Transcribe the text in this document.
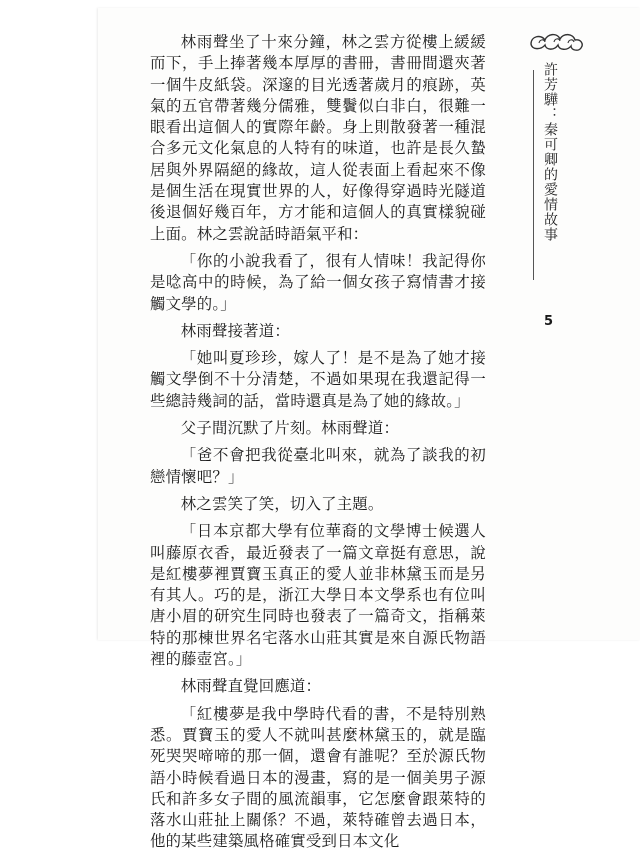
許芳驊：秦可卿的愛情故事
5

林雨聲坐了十來分鐘，林之雲方從樓上緩緩而下，手上捧著幾本厚厚的書冊，書冊間還夾著一個牛皮紙袋。深邃的目光透著歲月的痕跡，英氣的五官帶著幾分儒雅，雙鬢似白非白，很難一眼看出這個人的實際年齡。身上則散發著一種混合多元文化氣息的人特有的味道，也許是長久蟄居與外界隔絕的緣故，這人從表面上看起來不像是個生活在現實世界的人，好像得穿過時光隧道後退個好幾百年，方才能和這個人的真實樣貌碰上面。林之雲說話時語氣平和：

「你的小說我看了，很有人情味！我記得你是唸高中的時候，為了給一個女孩子寫情書才接觸文學的。」

林雨聲接著道：

「她叫夏珍珍，嫁人了！是不是為了她才接觸文學倒不十分清楚，不過如果現在我還記得一些總詩幾詞的話，當時還真是為了她的緣故。」

父子間沉默了片刻。林雨聲道：

「爸不會把我從臺北叫來，就為了談我的初戀情懷吧？」

林之雲笑了笑，切入了主題。

「日本京都大學有位華裔的文學博士候選人叫藤原衣香，最近發表了一篇文章挺有意思，說是紅樓夢裡賈寶玉真正的愛人並非林黛玉而是另有其人。巧的是，浙江大學日本文學系也有位叫唐小眉的研究生同時也發表了一篇奇文，指稱萊特的那棟世界名宅落水山莊其實是來自源氏物語裡的藤壺宮。」

林雨聲直覺回應道：

「紅樓夢是我中學時代看的書，不是特別熟悉。賈寶玉的愛人不就叫甚麼林黛玉的，就是臨死哭哭啼啼的那一個，還會有誰呢？至於源氏物語小時候看過日本的漫畫，寫的是一個美男子源氏和許多女子間的風流韻事，它怎麼會跟萊特的落水山莊扯上關係？不過，萊特確曾去過日本，他的某些建築風格確實受到日本文化
